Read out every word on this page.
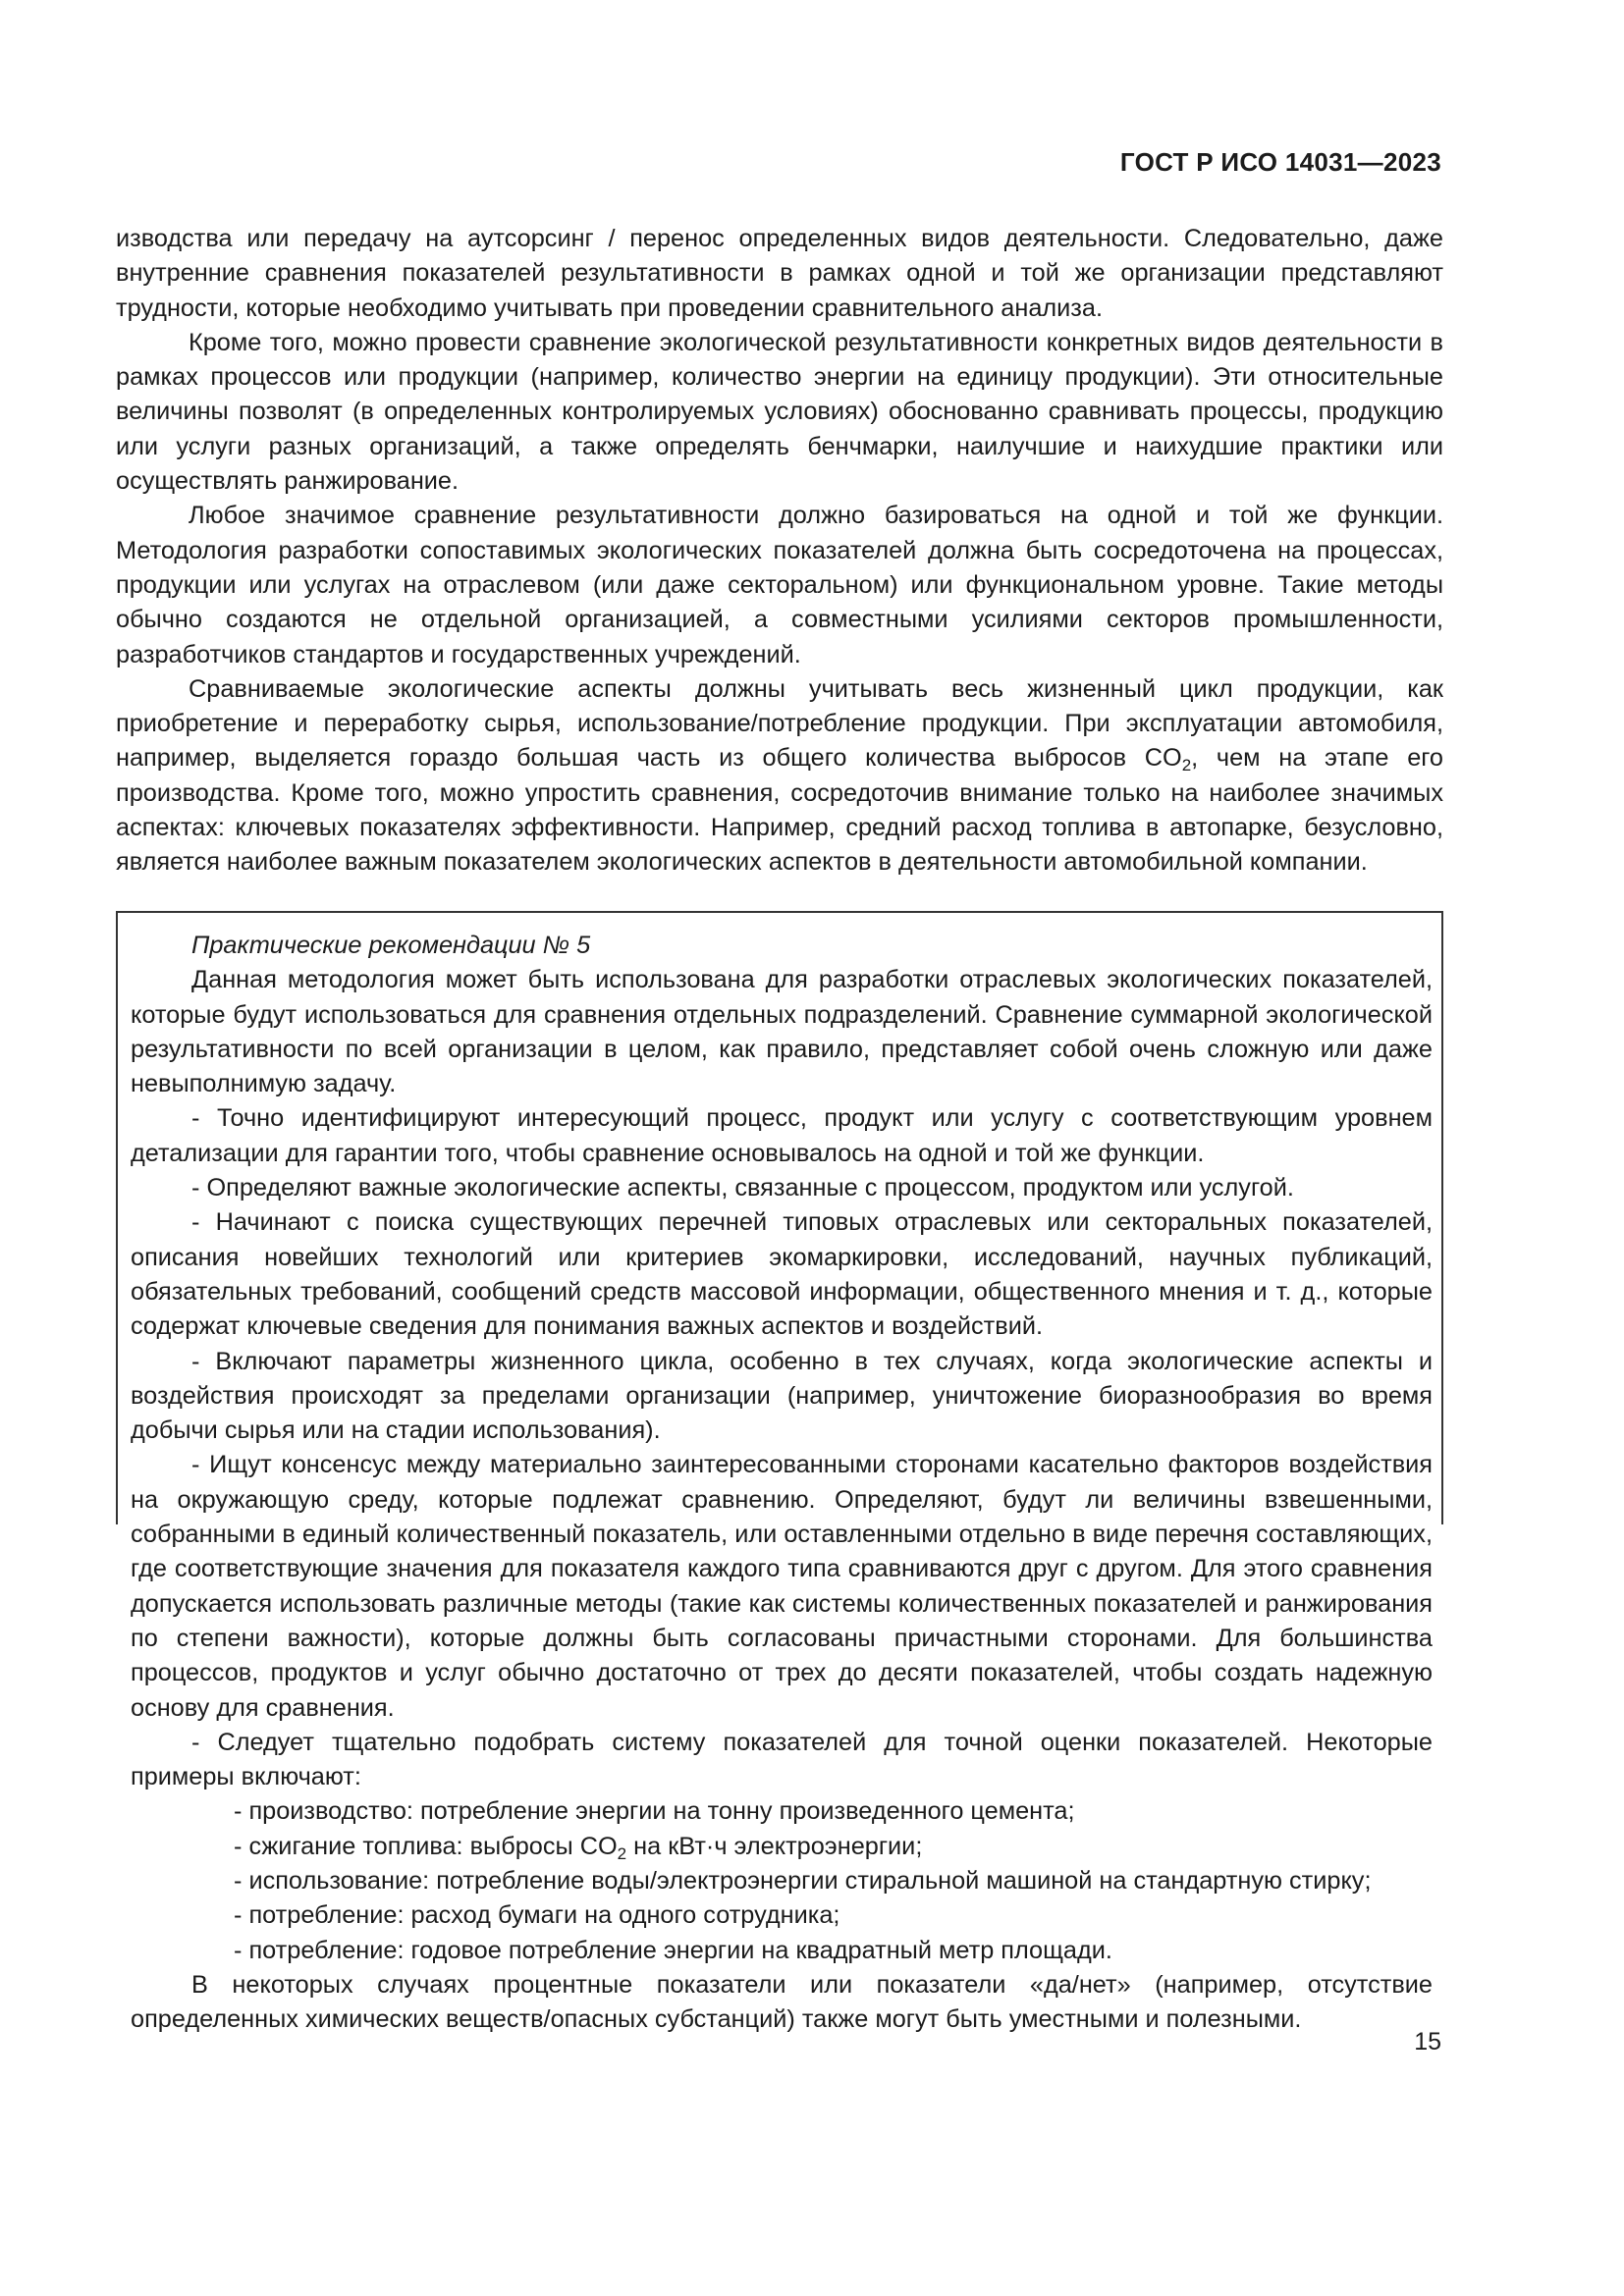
ГОСТ Р ИСО 14031—2023

изводства или передачу на аутсорсинг / перенос определенных видов деятельности. Следовательно, даже внутренние сравнения показателей результативности в рамках одной и той же организации представляют трудности, которые необходимо учитывать при проведении сравнительного анализа.

Кроме того, можно провести сравнение экологической результативности конкретных видов деятельности в рамках процессов или продукции (например, количество энергии на единицу продукции). Эти относительные величины позволят (в определенных контролируемых условиях) обоснованно сравнивать процессы, продукцию или услуги разных организаций, а также определять бенчмарки, наилучшие и наихудшие практики или осуществлять ранжирование.

Любое значимое сравнение результативности должно базироваться на одной и той же функции. Методология разработки сопоставимых экологических показателей должна быть сосредоточена на процессах, продукции или услугах на отраслевом (или даже секторальном) или функциональном уровне. Такие методы обычно создаются не отдельной организацией, а совместными усилиями секторов промышленности, разработчиков стандартов и государственных учреждений.

Сравниваемые экологические аспекты должны учитывать весь жизненный цикл продукции, как приобретение и переработку сырья, использование/потребление продукции. При эксплуатации автомобиля, например, выделяется гораздо большая часть из общего количества выбросов $CO_2$, чем на этапе его производства. Кроме того, можно упростить сравнения, сосредоточив внимание только на наиболее значимых аспектах: ключевых показателях эффективности. Например, средний расход топлива в автопарке, безусловно, является наиболее важным показателем экологических аспектов в деятельности автомобильной компании.

Практические рекомендации № 5

Данная методология может быть использована для разработки отраслевых экологических показателей, которые будут использоваться для сравнения отдельных подразделений. Сравнение суммарной экологической результативности по всей организации в целом, как правило, представляет собой очень сложную или даже невыполнимую задачу.

- Точно идентифицируют интересующий процесс, продукт или услугу с соответствующим уровнем детализации для гарантии того, чтобы сравнение основывалось на одной и той же функции.

- Определяют важные экологические аспекты, связанные с процессом, продуктом или услугой.

- Начинают с поиска существующих перечней типовых отраслевых или секторальных показателей, описания новейших технологий или критериев экомаркировки, исследований, научных публикаций, обязательных требований, сообщений средств массовой информации, общественного мнения и т. д., которые содержат ключевые сведения для понимания важных аспектов и воздействий.

- Включают параметры жизненного цикла, особенно в тех случаях, когда экологические аспекты и воздействия происходят за пределами организации (например, уничтожение биоразнообразия во время добычи сырья или на стадии использования).

- Ищут консенсус между материально заинтересованными сторонами касательно факторов воздействия на окружающую среду, которые подлежат сравнению. Определяют, будут ли величины взвешенными, собранными в единый количественный показатель, или оставленными отдельно в виде перечня составляющих, где соответствующие значения для показателя каждого типа сравниваются друг с другом. Для этого сравнения допускается использовать различные методы (такие как системы количественных показателей и ранжирования по степени важности), которые должны быть согласованы причастными сторонами. Для большинства процессов, продуктов и услуг обычно достаточно от трех до десяти показателей, чтобы создать надежную основу для сравнения.

- Следует тщательно подобрать систему показателей для точной оценки показателей. Некоторые примеры включают:

- производство: потребление энергии на тонну произведенного цемента;

- сжигание топлива: выбросы $CO_2$ на кВт·ч электроэнергии;

- использование: потребление воды/электроэнергии стиральной машиной на стандартную стирку;

- потребление: расход бумаги на одного сотрудника;

- потребление: годовое потребление энергии на квадратный метр площади.

В некоторых случаях процентные показатели или показатели «да/нет» (например, отсутствие определенных химических веществ/опасных субстанций) также могут быть уместными и полезными.

15
